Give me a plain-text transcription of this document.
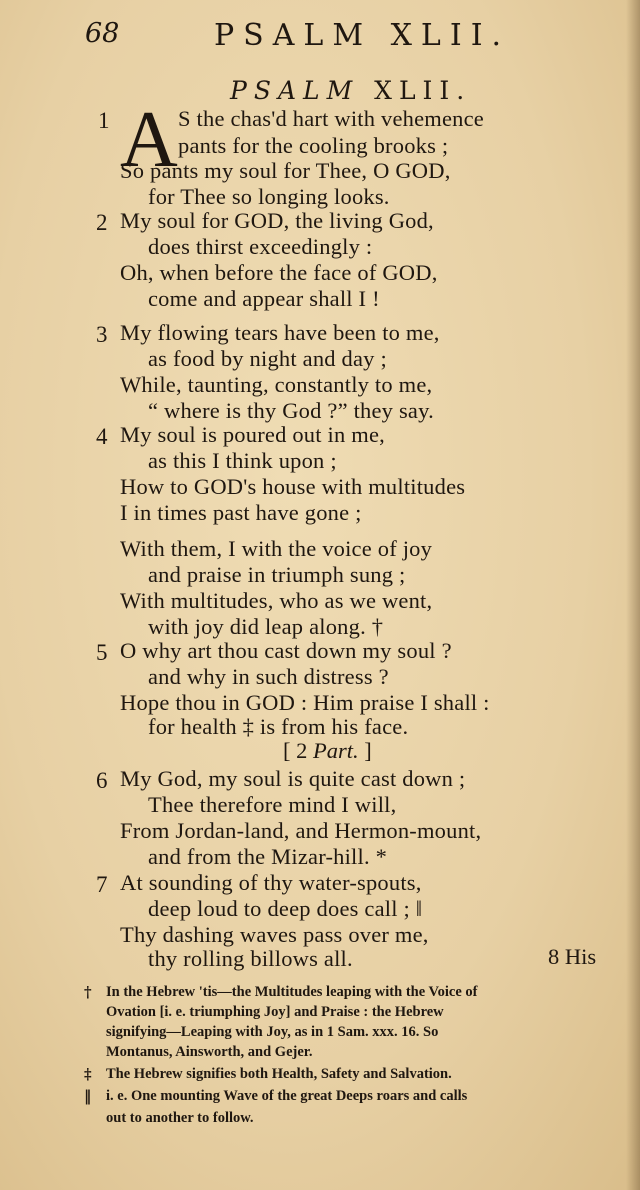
68	PSALM XLII.
PSALM XLII.
A
1	S the chas'd hart with vehemence
pants for the cooling brooks ;
So pants my soul for Thee, O GOD,
for Thee so longing looks.
2 My soul for GOD, the living God,
does thirst exceedingly :
Oh, when before the face of GOD,
come and appear shall I !
3 My flowing tears have been to me,
as food by night and day ;
While, taunting, constantly to me,
“ where is thy God ?” they say.
4 My soul is poured out in me,
as this I think upon ;
How to GOD's house with multitudes
I in times past have gone ;
With them, I with the voice of joy
and praise in triumph sung ;
With multitudes, who as we went,
with joy did leap along. †
5 O why art thou cast down my soul ?
and why in such distress ?
Hope thou in GOD : Him praise I shall :
for health ‡ is from his face.
[ 2 Part. ]
6 My God, my soul is quite cast down ;
Thee therefore mind I will,
From Jordan-land, and Hermon-mount,
and from the Mizar-hill. *
7 At sounding of thy water-spouts,
deep loud to deep does call ; ‖
Thy dashing waves pass over me,
thy rolling billows all.	8 His
† In the Hebrew 'tis—the Multitudes leaping with the Voice of
Ovation [i. e. triumphing Joy] and Praise : the Hebrew
signifying—Leaping with Joy, as in 1 Sam. xxx. 16. So
Montanus, Ainsworth, and Gejer.
‡ The Hebrew signifies both Health, Safety and Salvation.
‖ i. e. One mounting Wave of the great Deeps roars and calls
out to another to follow.
